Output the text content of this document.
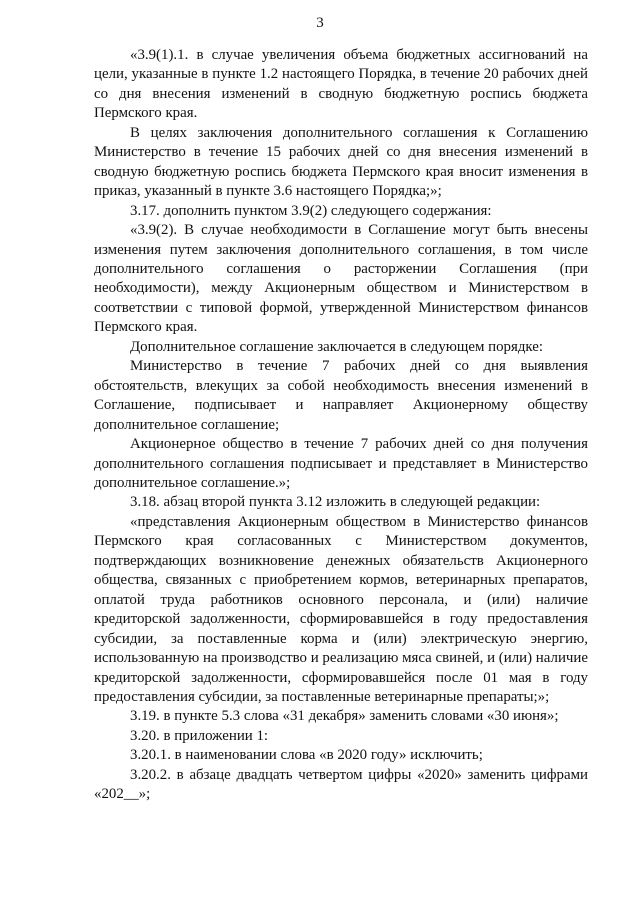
3

«3.9(1).1. в случае увеличения объема бюджетных ассигнований на цели, указанные в пункте 1.2 настоящего Порядка, в течение 20 рабочих дней со дня внесения изменений в сводную бюджетную роспись бюджета Пермского края.

В целях заключения дополнительного соглашения к Соглашению Министерство в течение 15 рабочих дней со дня внесения изменений в сводную бюджетную роспись бюджета Пермского края вносит изменения в приказ, указанный в пункте 3.6 настоящего Порядка;»;

3.17. дополнить пунктом 3.9(2) следующего содержания:

«3.9(2). В случае необходимости в Соглашение могут быть внесены изменения путем заключения дополнительного соглашения, в том числе дополнительного соглашения о расторжении Соглашения (при необходимости), между Акционерным обществом и Министерством в соответствии с типовой формой, утвержденной Министерством финансов Пермского края.

Дополнительное соглашение заключается в следующем порядке:

Министерство в течение 7 рабочих дней со дня выявления обстоятельств, влекущих за собой необходимость внесения изменений в Соглашение, подписывает и направляет Акционерному обществу дополнительное соглашение;

Акционерное общество в течение 7 рабочих дней со дня получения дополнительного соглашения подписывает и представляет в Министерство дополнительное соглашение.»;

3.18. абзац второй пункта 3.12 изложить в следующей редакции:

«представления Акционерным обществом в Министерство финансов Пермского края согласованных с Министерством документов, подтверждающих возникновение денежных обязательств Акционерного общества, связанных с приобретением кормов, ветеринарных препаратов, оплатой труда работников основного персонала, и (или) наличие кредиторской задолженности, сформировавшейся в году предоставления субсидии, за поставленные корма и (или) электрическую энергию, использованную на производство и реализацию мяса свиней, и (или) наличие кредиторской задолженности, сформировавшейся после 01 мая в году предоставления субсидии, за поставленные ветеринарные препараты;»;

3.19. в пункте 5.3 слова «31 декабря» заменить словами «30 июня»;

3.20. в приложении 1:

3.20.1. в наименовании слова «в 2020 году» исключить;

3.20.2. в абзаце двадцать четвертом цифры «2020» заменить цифрами «202__»;
